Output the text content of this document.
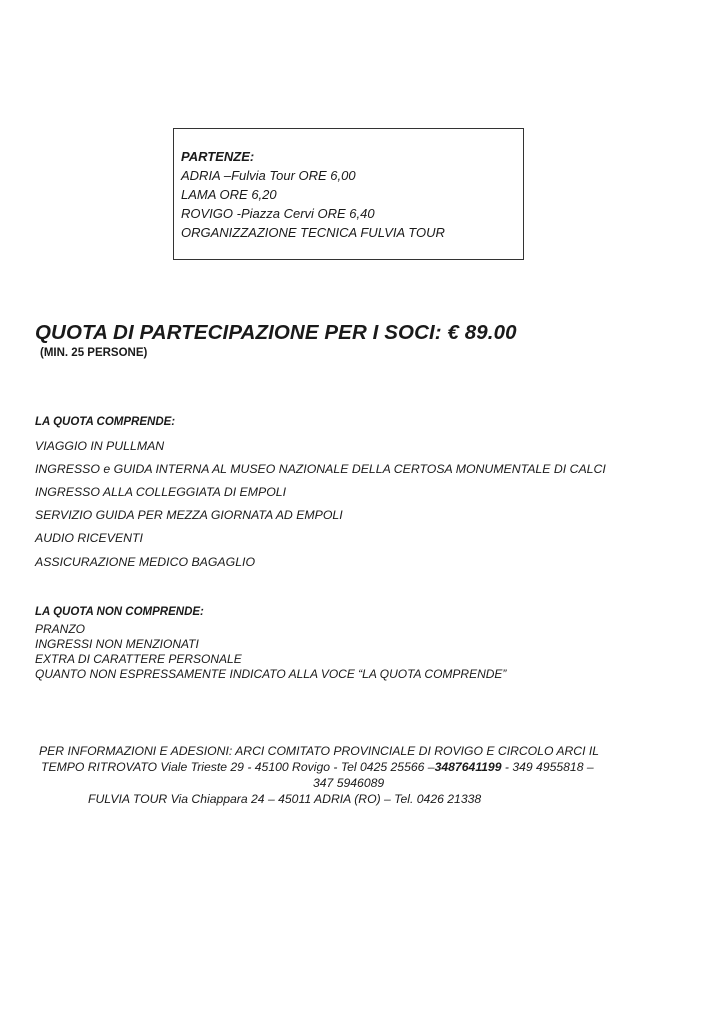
PARTENZE:
ADRIA –Fulvia Tour ORE 6,00
LAMA ORE 6,20
ROVIGO -Piazza Cervi ORE 6,40
ORGANIZZAZIONE TECNICA FULVIA TOUR
QUOTA DI PARTECIPAZIONE PER I SOCI: € 89.00
(MIN. 25 PERSONE)
LA QUOTA COMPRENDE:
VIAGGIO IN PULLMAN
INGRESSO e GUIDA INTERNA AL MUSEO NAZIONALE DELLA CERTOSA MONUMENTALE DI CALCI
INGRESSO ALLA COLLEGGIATA DI EMPOLI
SERVIZIO GUIDA PER MEZZA GIORNATA AD EMPOLI
AUDIO RICEVENTI
ASSICURAZIONE MEDICO BAGAGLIO
LA QUOTA NON COMPRENDE:
PRANZO
INGRESSI NON MENZIONATI
EXTRA DI CARATTERE PERSONALE
QUANTO NON ESPRESSAMENTE INDICATO ALLA VOCE “LA QUOTA COMPRENDE”
PER INFORMAZIONI E ADESIONI: ARCI COMITATO PROVINCIALE DI ROVIGO E CIRCOLO ARCI IL
TEMPO RITROVATO Viale Trieste 29 - 45100 Rovigo - Tel 0425 25566 –3487641199 - 349 4955818 –
347 5946089
FULVIA TOUR Via Chiappara 24 – 45011 ADRIA (RO) – Tel. 0426 21338
